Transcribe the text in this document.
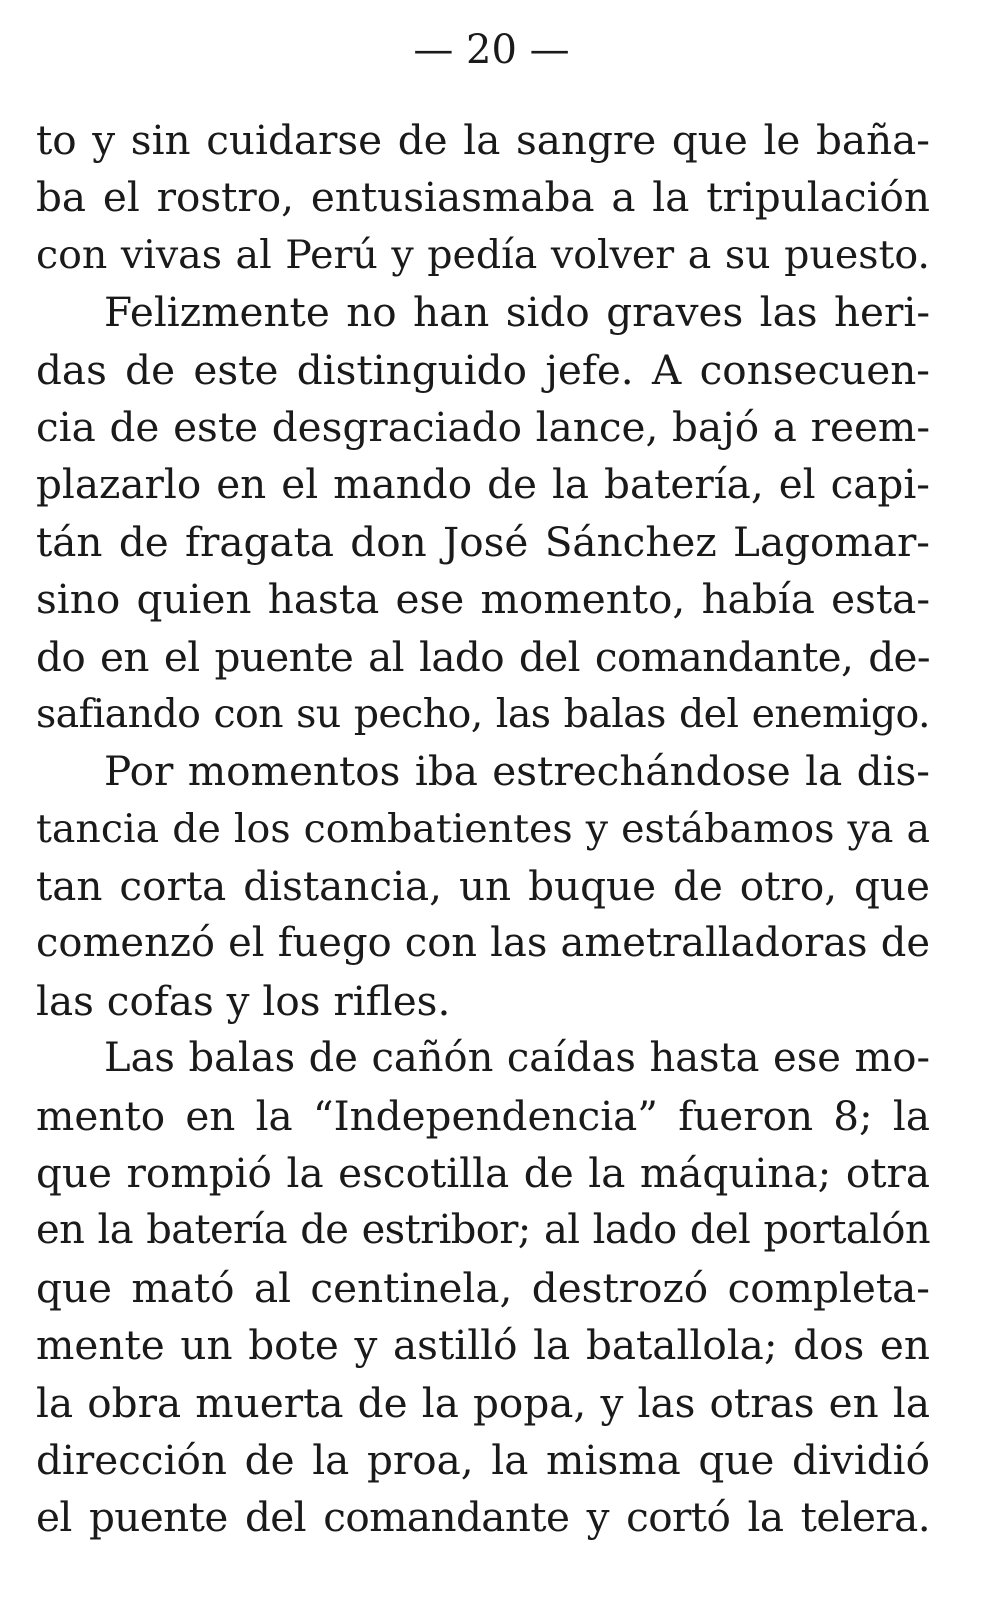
— 20 —
to y sin cuidarse de la sangre que le baña-
ba el rostro, entusiasmaba a la tripulación
con vivas al Perú y pedía volver a su puesto.
Felizmente no han sido graves las heri-
das de este distinguido jefe. A consecuen-
cia de este desgraciado lance, bajó a reem-
plazarlo en el mando de la batería, el capi-
tán de fragata don José Sánchez Lagomar-
sino quien hasta ese momento, había esta-
do en el puente al lado del comandante, de-
safiando con su pecho, las balas del enemigo.
Por momentos iba estrechándose la dis-
tancia de los combatientes y estábamos ya a
tan corta distancia, un buque de otro, que
comenzó el fuego con las ametralladoras de
las cofas y los rifles.
Las balas de cañón caídas hasta ese mo-
mento en la “Independencia” fueron 8; la
que rompió la escotilla de la máquina; otra
en la batería de estribor; al lado del portalón
que mató al centinela, destrozó completa-
mente un bote y astilló la batallola; dos en
la obra muerta de la popa, y las otras en la
dirección de la proa, la misma que dividió
el puente del comandante y cortó la telera.
